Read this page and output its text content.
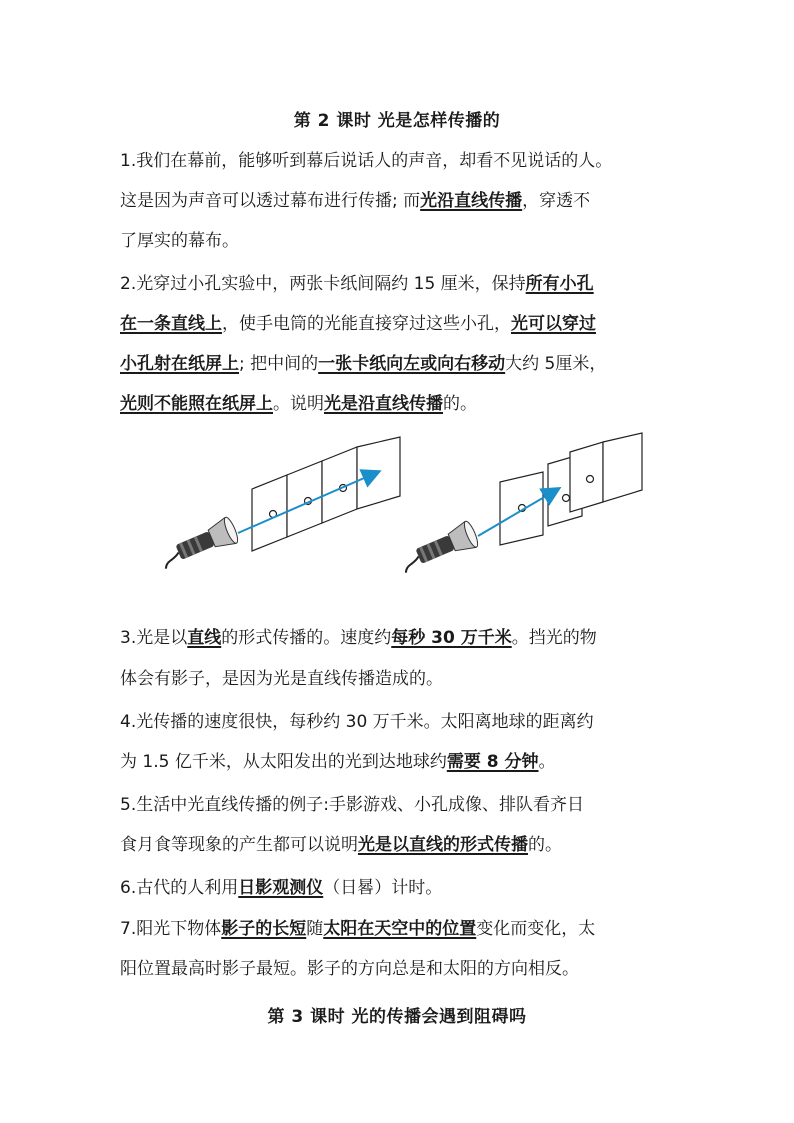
第 2 课时 光是怎样传播的
1.我们在幕前，能够听到幕后说话人的声音，却看不见说话的人。
这是因为声音可以透过幕布进行传播; 而光沿直线传播，穿透不
了厚实的幕布。
2.光穿过小孔实验中，两张卡纸间隔约 15 厘米，保持所有小孔
在一条直线上，使手电筒的光能直接穿过这些小孔，光可以穿过
小孔射在纸屏上; 把中间的一张卡纸向左或向右移动大约 5厘米，
光则不能照在纸屏上。说明光是沿直线传播的。
3.光是以直线的形式传播的。速度约每秒 30 万千米。挡光的物
体会有影子，是因为光是直线传播造成的。
4.光传播的速度很快，每秒约 30 万千米。太阳离地球的距离约
为 1.5 亿千米，从太阳发出的光到达地球约需要 8 分钟。
5.生活中光直线传播的例子:手影游戏、小孔成像、排队看齐日
食月食等现象的产生都可以说明光是以直线的形式传播的。
6.古代的人利用日影观测仪（日晷）计时。
7.阳光下物体影子的长短随太阳在天空中的位置变化而变化，太
阳位置最高时影子最短。影子的方向总是和太阳的方向相反。
第 3 课时 光的传播会遇到阻碍吗
